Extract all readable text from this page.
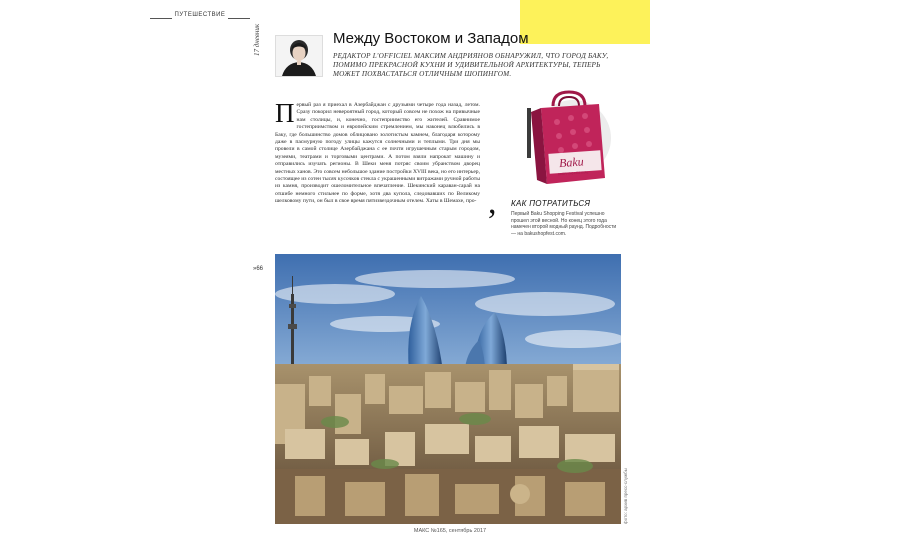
ПУТЕШЕСТВИЕ
17 дневник	Между Востоком и Западом
РЕДАКТОР L'OFFICIEL МАКСИМ АНДРИЯНОВ ОБНАРУЖИЛ, ЧТО ГОРОД БАКУ, ПОМИМО ПРЕКРАСНОЙ КУХНИ И УДИВИТЕЛЬНОЙ АРХИТЕКТУРЫ, ТЕПЕРЬ МОЖЕТ ПОХВАСТАТЬСЯ ОТЛИЧНЫМ ШОПИНГОМ.
Первый раз я приехал в Азербайджан с друзьями четыре года назад, летом. Сразу покорил невероятный город, который совсем не похож на привычные нам столицы, и, конечно, гостеприимство его жителей. Сравнимое гостеприимством и европейским стремлением, мы наконец влюбились в Баку, где большинство домов облицовано золотистым камнем, благодаря которому даже в пасмурную погоду улицы кажутся солнечными и теплыми. Три дня мы провели в самой столице Азербайджана с ее почти игрушечным старым городом, музеями, театрами и торговыми центрами. А потом взяли напрокат машину и отправились изучать регионы. В Шеки меня потряс своим убранством дворец местных ханов. Это совсем небольшое здание постройки XVIII века, но его интерьер, состоящее из сотен тысяч кусочков стекла с украшенными витражами ручной работы из камня, производит ошеломительное впечатление. Шекинский караван-сарай на отшибе немного стильнее по форме, хотя два купола, следовавших по Великому шелковому пути, он был в свое время пятизвездочным отелем. Хаты в Шемахе, про-
Baku
SHOPPING FESTIVAL
,	КАК ПОТРАТИТЬСЯ
Первый Baku Shopping Festival успешно прошел этой весной. Но конец этого года намечен второй модный раунд. Подробности — на bakushopfest.com.
»66
фото: архив пресс-службы
МАКС №165, сентябрь 2017
